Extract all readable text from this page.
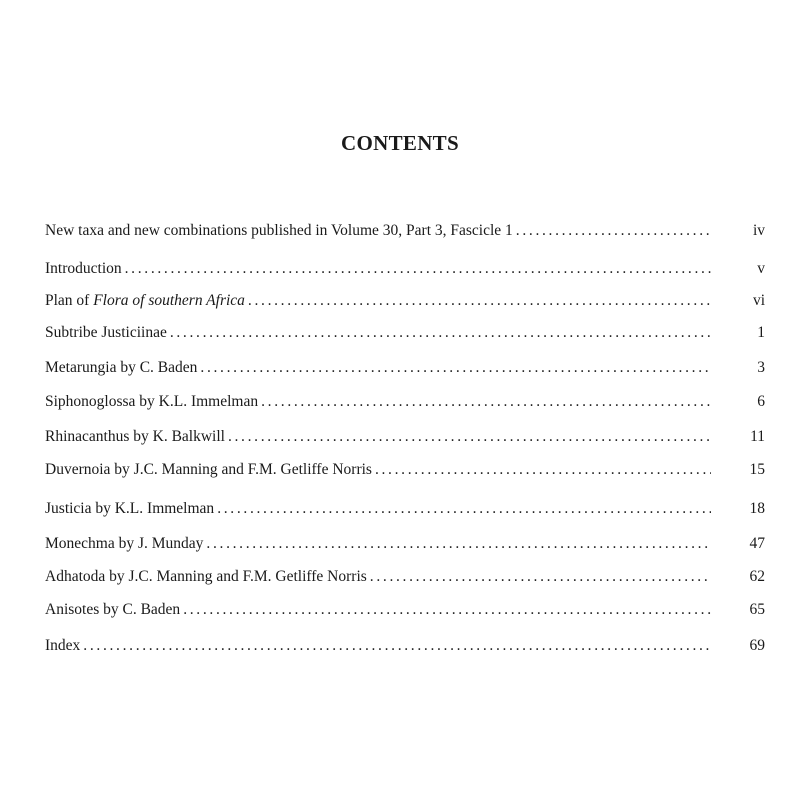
CONTENTS
New taxa and new combinations published in Volume 30, Part 3, Fascicle 1 . . .	iv
Introduction . . .	v
Plan of Flora of southern Africa . . .	vi
Subtribe Justiciinae . . .	1
Metarungia by C. Baden . . .	3
Siphonoglossa by K.L. Immelman . . .	6
Rhinacanthus by K. Balkwill . . .	11
Duvernoia by J.C. Manning and F.M. Getliffe Norris . . .	15
Justicia by K.L. Immelman . . .	18
Monechma by J. Munday . . .	47
Adhatoda by J.C. Manning and F.M. Getliffe Norris . . .	62
Anisotes by C. Baden . . .	65
Index . . .	69
